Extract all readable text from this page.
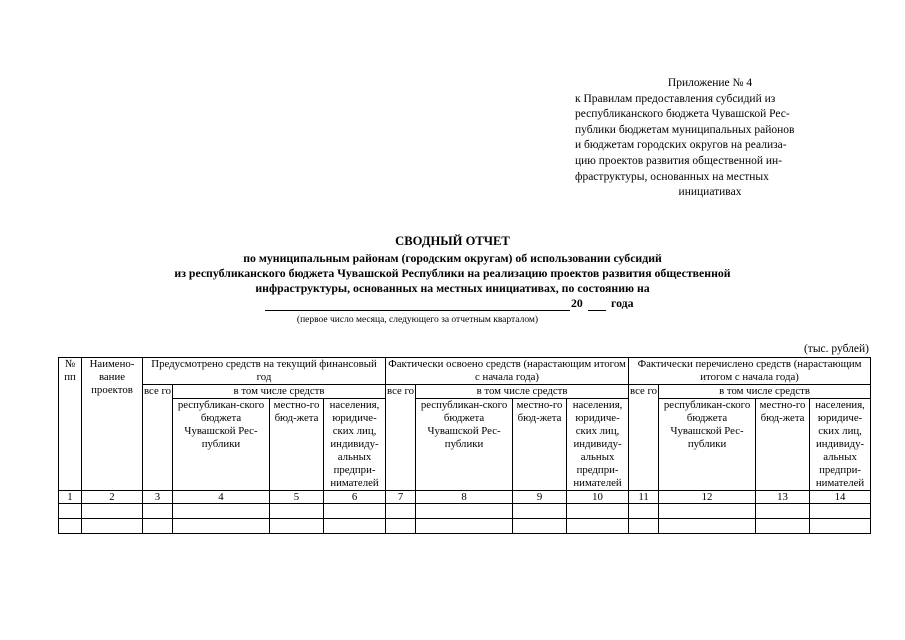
Приложение № 4
к Правилам предоставления субсидий из
республиканского бюджета Чувашской Рес-
публики бюджетам муниципальных районов
и бюджетам городских округов на реализа-
цию проектов развития общественной ин-
фраструктуры, основанных на местных
инициативах
СВОДНЫЙ ОТЧЕТ
по муниципальным районам (городским округам) об использовании субсидий
из республиканского бюджета Чувашской Республики на реализацию проектов развития общественной
инфраструктуры, основанных на местных инициативах, по состоянию на
20 года
(первое число месяца, следующего за отчетным кварталом)
(тыс. рублей)
№ пп	Наимено-вание проектов	Предусмотрено средств на текущий финансовый год				Фактически освоено средств (нарастающим итогом с начала года)				Фактически перечислено средств (нарастающим итогом с начала года)			
		все го	в том числе средств			все го	в том числе средств			все го	в том числе средств		
			республикан-ского бюджета Чувашской Рес-публики	местно-го бюд-жета	населения, юридиче-ских лиц, индивиду-альных предпри-нимателей		республикан-ского бюджета Чувашской Рес-публики	местно-го бюд-жета	населения, юридиче-ских лиц, индивиду-альных предпри-нимателей		республикан-ского бюджета Чувашской Рес-публики	местно-го бюд-жета	населения, юридиче-ских лиц, индивиду-альных предпри-нимателей
1	2	3	4	5	6	7	8	9	10	11	12	13	14
